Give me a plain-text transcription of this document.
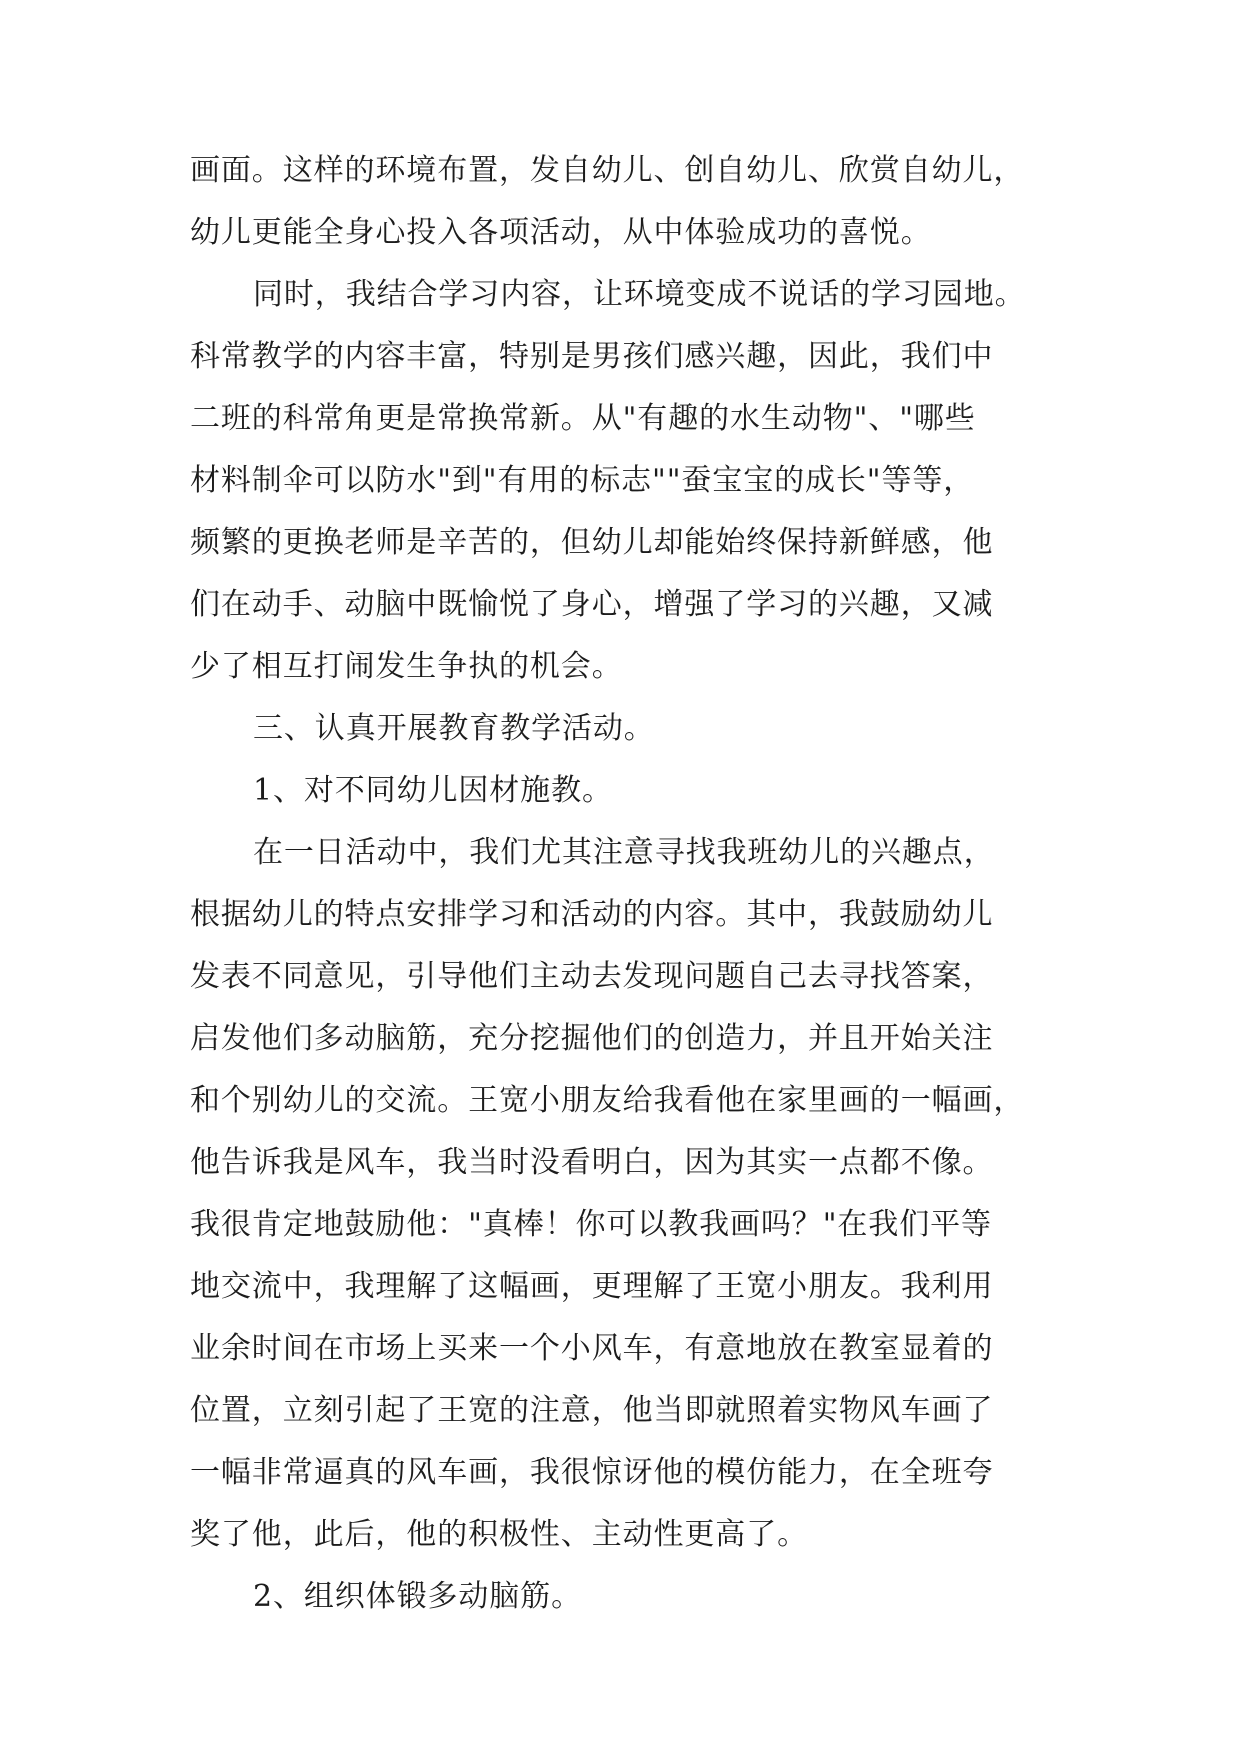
画面。这样的环境布置，发自幼儿、创自幼儿、欣赏自幼儿，
幼儿更能全身心投入各项活动，从中体验成功的喜悦。
同时，我结合学习内容，让环境变成不说话的学习园地。
科常教学的内容丰富，特别是男孩们感兴趣，因此，我们中
二班的科常角更是常换常新。从"有趣的水生动物"、"哪些
材料制伞可以防水"到"有用的标志""蚕宝宝的成长"等等，
频繁的更换老师是辛苦的，但幼儿却能始终保持新鲜感，他
们在动手、动脑中既愉悦了身心，增强了学习的兴趣，又减
少了相互打闹发生争执的机会。
三、认真开展教育教学活动。
1、对不同幼儿因材施教。
在一日活动中，我们尤其注意寻找我班幼儿的兴趣点，
根据幼儿的特点安排学习和活动的内容。其中，我鼓励幼儿
发表不同意见，引导他们主动去发现问题自己去寻找答案，
启发他们多动脑筋，充分挖掘他们的创造力，并且开始关注
和个别幼儿的交流。王宽小朋友给我看他在家里画的一幅画，
他告诉我是风车，我当时没看明白，因为其实一点都不像。
我很肯定地鼓励他："真棒！你可以教我画吗？"在我们平等
地交流中，我理解了这幅画，更理解了王宽小朋友。我利用
业余时间在市场上买来一个小风车，有意地放在教室显着的
位置，立刻引起了王宽的注意，他当即就照着实物风车画了
一幅非常逼真的风车画，我很惊讶他的模仿能力，在全班夸
奖了他，此后，他的积极性、主动性更高了。
2、组织体锻多动脑筋。
